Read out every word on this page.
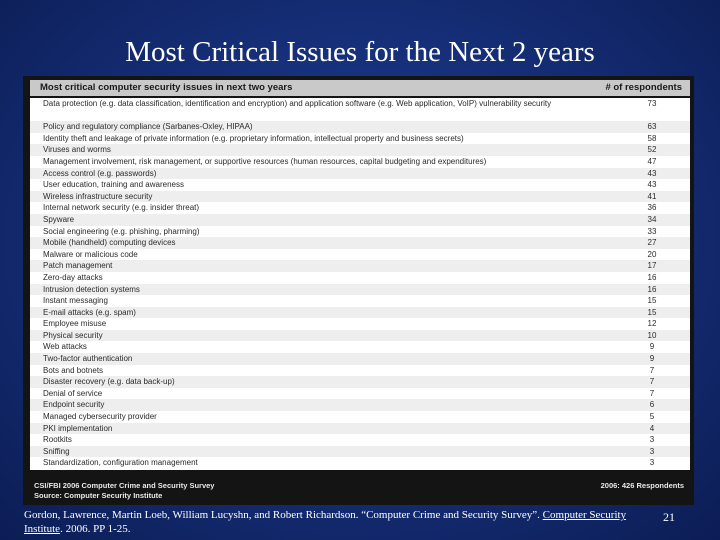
Most Critical Issues for the Next 2 years
Most critical computer security issues in next two years	# of respondents
Data protection (e.g. data classification, identification and encryption) and application software (e.g. Web application, VoIP) vulnerability security	73
Policy and regulatory compliance (Sarbanes-Oxley, HIPAA)	63
Identity theft and leakage of private information (e.g. proprietary information, intellectual property and business secrets)	58
Viruses and worms	52
Management involvement, risk management, or supportive resources (human resources, capital budgeting and expenditures)	47
Access control (e.g. passwords)	43
User education, training and awareness	43
Wireless infrastructure security	41
Internal network security (e.g. insider threat)	36
Spyware	34
Social engineering (e.g. phishing, pharming)	33
Mobile (handheld) computing devices	27
Malware or malicious code	20
Patch management	17
Zero-day attacks	16
Intrusion detection systems	16
Instant messaging	15
E-mail attacks (e.g. spam)	15
Employee misuse	12
Physical security	10
Web attacks	9
Two-factor authentication	9
Bots and botnets	7
Disaster recovery (e.g. data back-up)	7
Denial of service	7
Endpoint security	6
Managed cybersecurity provider	5
PKI implementation	4
Rootkits	3
Sniffing	3
Standardization, configuration management	3
CSI/FBI 2006 Computer Crime and Security Survey
Source: Computer Security Institute
2006: 426 Respondents
Gordon, Lawrence, Martin Loeb, William Lucyshn, and Robert Richardson. “Computer Crime and Security Survey”. Computer Security
Institute. 2006. PP 1-25.
21
